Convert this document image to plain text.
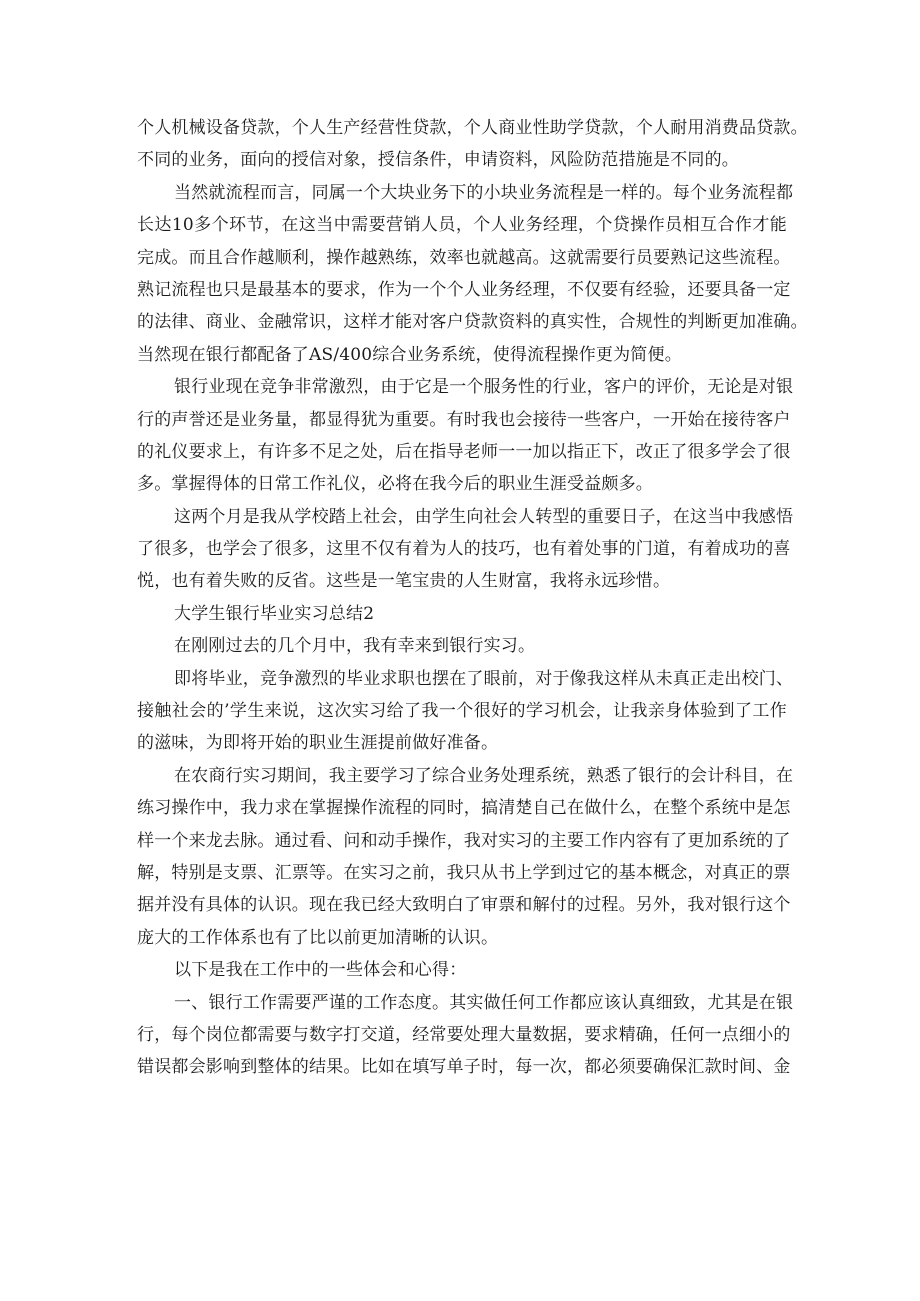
个人机械设备贷款，个人生产经营性贷款，个人商业性助学贷款，个人耐用消费品贷款。
不同的业务，面向的授信对象，授信条件，申请资料，风险防范措施是不同的。
当然就流程而言，同属一个大块业务下的小块业务流程是一样的。每个业务流程都
长达10多个环节，在这当中需要营销人员，个人业务经理，个贷操作员相互合作才能
完成。而且合作越顺利，操作越熟练，效率也就越高。这就需要行员要熟记这些流程。
熟记流程也只是最基本的要求，作为一个个人业务经理，不仅要有经验，还要具备一定
的法律、商业、金融常识，这样才能对客户贷款资料的真实性，合规性的判断更加准确。
当然现在银行都配备了AS/400综合业务系统，使得流程操作更为简便。
银行业现在竞争非常激烈，由于它是一个服务性的行业，客户的评价，无论是对银
行的声誉还是业务量，都显得犹为重要。有时我也会接待一些客户，一开始在接待客户
的礼仪要求上，有许多不足之处，后在指导老师一一加以指正下，改正了很多学会了很
多。掌握得体的日常工作礼仪，必将在我今后的职业生涯受益颇多。
这两个月是我从学校踏上社会，由学生向社会人转型的重要日子，在这当中我感悟
了很多，也学会了很多，这里不仅有着为人的技巧，也有着处事的门道，有着成功的喜
悦，也有着失败的反省。这些是一笔宝贵的人生财富，我将永远珍惜。
大学生银行毕业实习总结2
在刚刚过去的几个月中，我有幸来到银行实习。
即将毕业，竞争激烈的毕业求职也摆在了眼前，对于像我这样从未真正走出校门、
接触社会的’学生来说，这次实习给了我一个很好的学习机会，让我亲身体验到了工作
的滋味，为即将开始的职业生涯提前做好准备。
在农商行实习期间，我主要学习了综合业务处理系统，熟悉了银行的会计科目，在
练习操作中，我力求在掌握操作流程的同时，搞清楚自己在做什么，在整个系统中是怎
样一个来龙去脉。通过看、问和动手操作，我对实习的主要工作内容有了更加系统的了
解，特别是支票、汇票等。在实习之前，我只从书上学到过它的基本概念，对真正的票
据并没有具体的认识。现在我已经大致明白了审票和解付的过程。另外，我对银行这个
庞大的工作体系也有了比以前更加清晰的认识。
以下是我在工作中的一些体会和心得：
一、银行工作需要严谨的工作态度。其实做任何工作都应该认真细致，尤其是在银
行，每个岗位都需要与数字打交道，经常要处理大量数据，要求精确，任何一点细小的
错误都会影响到整体的结果。比如在填写单子时，每一次，都必须要确保汇款时间、金
